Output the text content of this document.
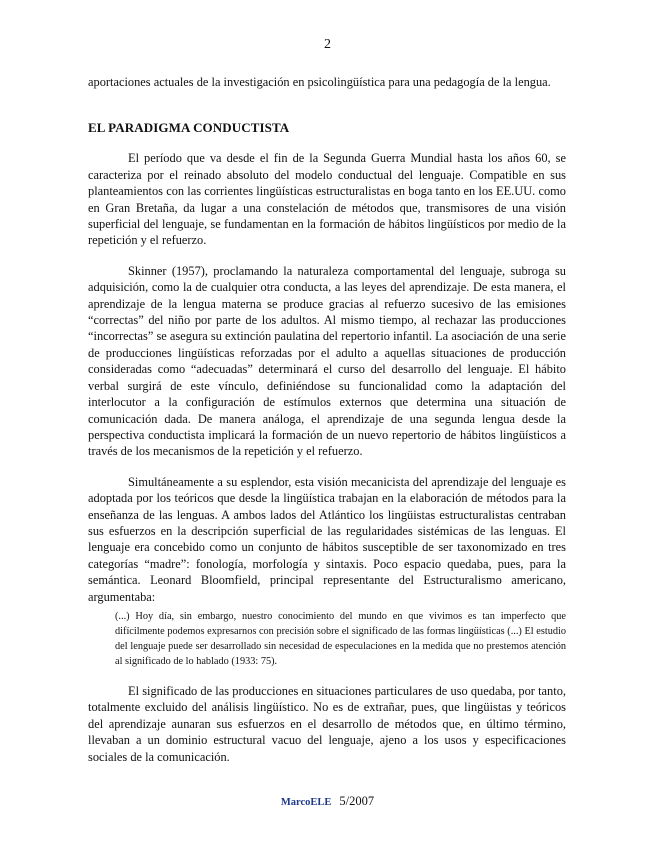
2

aportaciones actuales de la investigación en psicolingüística para una pedagogía de la lengua.

EL PARADIGMA CONDUCTISTA

El período que va desde el fin de la Segunda Guerra Mundial hasta los años 60, se caracteriza por el reinado absoluto del modelo conductual del lenguaje. Compatible en sus planteamientos con las corrientes lingüísticas estructuralistas en boga tanto en los EE.UU. como en Gran Bretaña, da lugar a una constelación de métodos que, transmisores de una visión superficial del lenguaje, se fundamentan en la formación de hábitos lingüísticos por medio de la repetición y el refuerzo.

Skinner (1957), proclamando la naturaleza comportamental del lenguaje, subroga su adquisición, como la de cualquier otra conducta, a las leyes del aprendizaje. De esta manera, el aprendizaje de la lengua materna se produce gracias al refuerzo sucesivo de las emisiones “correctas” del niño por parte de los adultos. Al mismo tiempo, al rechazar las producciones “incorrectas” se asegura su extinción paulatina del repertorio infantil. La asociación de una serie de producciones lingüísticas reforzadas por el adulto a aquellas situaciones de producción consideradas como “adecuadas” determinará el curso del desarrollo del lenguaje. El hábito verbal surgirá de este vínculo, definiéndose su funcionalidad como la adaptación del interlocutor a la configuración de estímulos externos que determina una situación de comunicación dada. De manera análoga, el aprendizaje de una segunda lengua desde la perspectiva conductista implicará la formación de un nuevo repertorio de hábitos lingüísticos a través de los mecanismos de la repetición y el refuerzo.

Simultáneamente a su esplendor, esta visión mecanicista del aprendizaje del lenguaje es adoptada por los teóricos que desde la lingüística trabajan en la elaboración de métodos para la enseñanza de las lenguas. A ambos lados del Atlántico los lingüistas estructuralistas centraban sus esfuerzos en la descripción superficial de las regularidades sistémicas de las lenguas. El lenguaje era concebido como un conjunto de hábitos susceptible de ser taxonomizado en tres categorías “madre”: fonología, morfología y sintaxis. Poco espacio quedaba, pues, para la semántica. Leonard Bloomfield, principal representante del Estructuralismo americano, argumentaba:

(...) Hoy día, sin embargo, nuestro conocimiento del mundo en que vivimos es tan imperfecto que difícilmente podemos expresarnos con precisión sobre el significado de las formas lingüísticas (...) El estudio del lenguaje puede ser desarrollado sin necesidad de especulaciones en la medida que no prestemos atención al significado de lo hablado (1933: 75).

El significado de las producciones en situaciones particulares de uso quedaba, por tanto, totalmente excluido del análisis lingüístico. No es de extrañar, pues, que lingüistas y teóricos del aprendizaje aunaran sus esfuerzos en el desarrollo de métodos que, en último término, llevaban a un dominio estructural vacuo del lenguaje, ajeno a los usos y especificaciones sociales de la comunicación.

MarcoELE 5/2007
